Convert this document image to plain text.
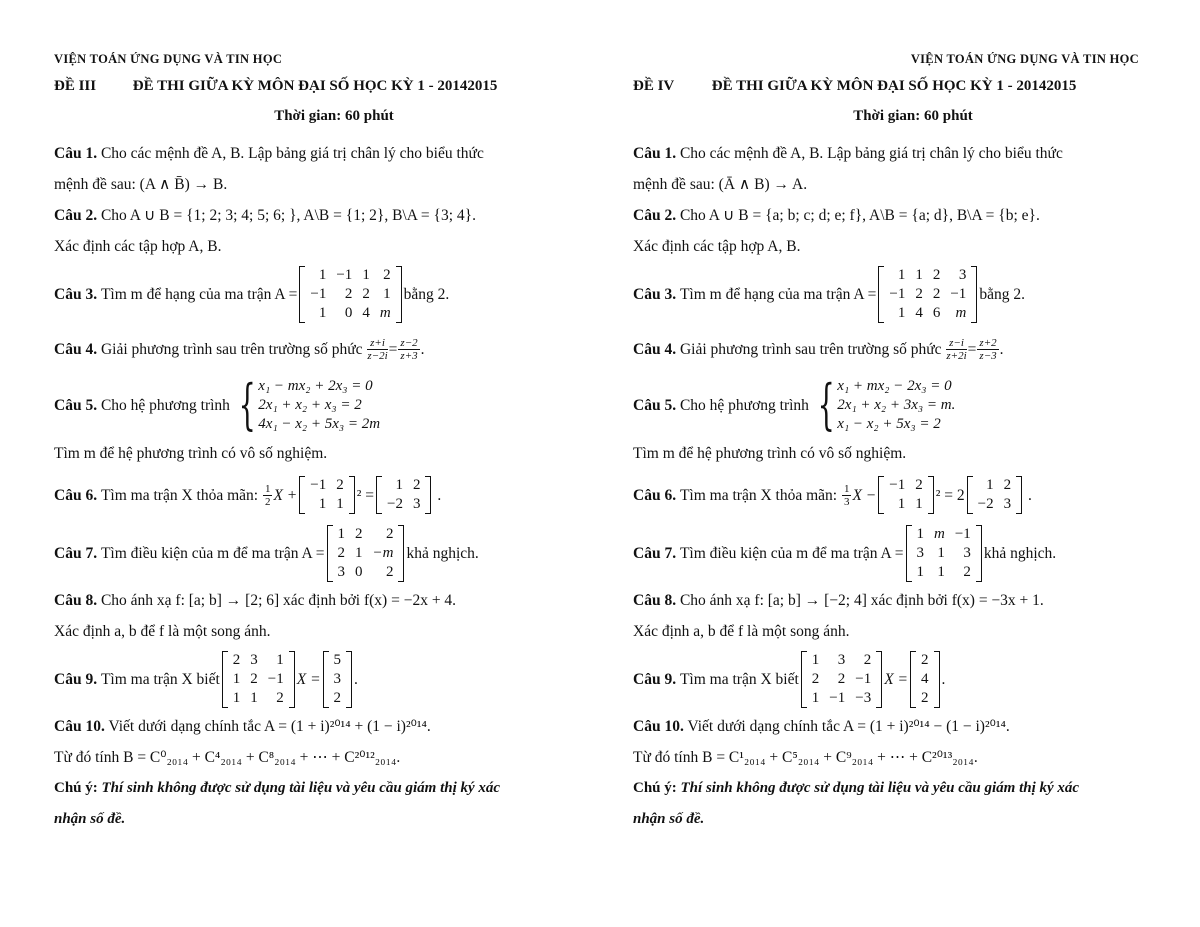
VIỆN TOÁN ỨNG DỤNG VÀ TIN HỌC
ĐỀ III ĐỀ THI GIỮA KỲ MÔN ĐẠI SỐ HỌC KỲ 1 - 20142015
Thời gian: 60 phút
Câu 1. Cho các mệnh đề A, B. Lập bảng giá trị chân lý cho biểu thức
mệnh đề sau: (A ∧ B̄) → B.
Câu 2. Cho A ∪ B = {1; 2; 3; 4; 5; 6; }, A\B = {1; 2}, B\A = {3; 4}.
Xác định các tập hợp A, B.
Câu 3.
Tìm m để hạng của ma trận A =
1	−1	1	2
−1	2	2	1
1	0	4	m
bằng 2.
Câu 4.
Giải phương trình sau trên trường số phức
$\frac{z+i}{z-2i} = \frac{z-2}{z+3}$ .
Câu 5.
Cho hệ phương trình { x₁ − mx₂ + 2x₃ = 0
2x₁ + x₂ + x₃ = 2
4x₁ − x₂ + 5x₃ = 2m
Tìm m để hệ phương trình có vô số nghiệm.
Câu 6.
Tìm ma trận X thỏa mãn:
$\frac{1}{2}$ X +
−1	2
1	1
² =
1	2
−2	3
.
Câu 7.
Tìm điều kiện của m để ma trận A =
1	2	2
2	1	−m
3	0	2
khả nghịch.
Câu 8. Cho ánh xạ f: [a; b] → [2; 6] xác định bởi f(x) = −2x + 4.
Xác định a, b để f là một song ánh.
Câu 9.
Tìm ma trận X biết
2	3	1
1	2	−1
1	1	2
X =
5
3
2
.
Câu 10. Viết dưới dạng chính tắc A = (1 + i)²⁰¹⁴ + (1 − i)²⁰¹⁴.
Từ đó tính B = C⁰₂₀₁₄ + C⁴₂₀₁₄ + C⁸₂₀₁₄ + ⋯ + C²⁰¹²₂₀₁₄.
Chú ý: Thí sinh không được sử dụng tài liệu và yêu cầu giám thị ký xác
nhận số đề.
VIỆN TOÁN ỨNG DỤNG VÀ TIN HỌC
ĐỀ IV ĐỀ THI GIỮA KỲ MÔN ĐẠI SỐ HỌC KỲ 1 - 20142015
Thời gian: 60 phút
Câu 1. Cho các mệnh đề A, B. Lập bảng giá trị chân lý cho biểu thức
mệnh đề sau: (Ā ∧ B) → A.
Câu 2. Cho A ∪ B = {a; b; c; d; e; f}, A\B = {a; d}, B\A = {b; e}.
Xác định các tập hợp A, B.
Câu 3.
Tìm m để hạng của ma trận A =
1	1	2	3
−1	2	2	−1
1	4	6	m
bằng 2.
Câu 4.
Giải phương trình sau trên trường số phức
$\frac{z-i}{z+2i} = \frac{z+2}{z-3}$ .
Câu 5.
Cho hệ phương trình { x₁ + mx₂ − 2x₃ = 0
2x₁ + x₂ + 3x₃ = m.
x₁ − x₂ + 5x₃ = 2
Tìm m để hệ phương trình có vô số nghiệm.
Câu 6.
Tìm ma trận X thỏa mãn:
$\frac{1}{3}$ X −
−1	2
1	1
² = 2
1	2
−2	3
.
Câu 7.
Tìm điều kiện của m để ma trận A =
1	m	−1
3	1	3
1	1	2
khả nghịch.
Câu 8. Cho ánh xạ f: [a; b] → [−2; 4] xác định bởi f(x) = −3x + 1.
Xác định a, b để f là một song ánh.
Câu 9.
Tìm ma trận X biết
1	3	2
2	2	−1
1	−1	−3
X =
2
4
2
.
Câu 10. Viết dưới dạng chính tắc A = (1 + i)²⁰¹⁴ − (1 − i)²⁰¹⁴.
Từ đó tính B = C¹₂₀₁₄ + C⁵₂₀₁₄ + C⁹₂₀₁₄ + ⋯ + C²⁰¹³₂₀₁₄.
Chú ý: Thí sinh không được sử dụng tài liệu và yêu cầu giám thị ký xác
nhận số đề.
